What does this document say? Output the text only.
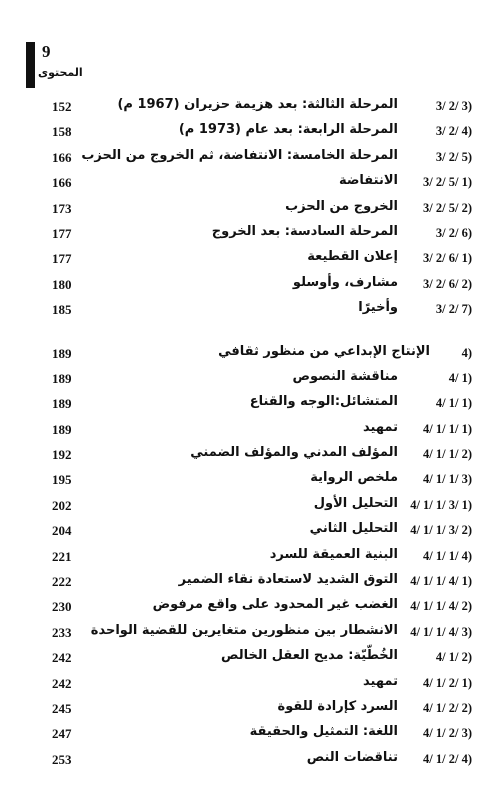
9
المحتوى
152	المرحلة الثالثة: بعد هزيمة حزيران (1967 م)	3/ 2/ 3)
158	المرحلة الرابعة: بعد عام (1973 م)	3/ 2/ 4)
166 المرحلة الخامسة: الانتفاضة، ثم الخروج من الحزب	3/ 2/ 5)
166	الانتفاضة	3/ 2/ 5/ 1)
173	الخروج من الحزب	3/ 2/ 5/ 2)
177	المرحلة السادسة: بعد الخروج	3/ 2/ 6)
177	إعلان القطيعة	3/ 2/ 6/ 1)
180	مشارف، وأوسلو	3/ 2/ 6/ 2)
185	وأخيرًا	3/ 2/ 7)
189	الإنتاج الإبداعي من منظور ثقافي	4)
189	مناقشة النصوص	4/ 1)
189	المتشائل:الوجه والقناع	4/ 1/ 1)
189	تمهيد	4/ 1/ 1/ 1)
192	المؤلف المدني والمؤلف الضمني	4/ 1/ 1/ 2)
195	ملخص الرواية	4/ 1/ 1/ 3)
202	التحليل الأول 4/ 1/ 1/ 3/ 1)
204	التحليل الثاني 4/ 1/ 1/ 3/ 2)
221	البنية العميقة للسرد	4/ 1/ 1/ 4)
222	التوق الشديد لاستعادة نقاء الضمير 4/ 1/ 1/ 4/ 1)
230	الغضب غير المحدود على واقع مرفوض 4/ 1/ 1/ 4/ 2)
233 الانشطار بين منظورين متغايرين للقضية الواحدة 4/ 1/ 1/ 4/ 3)
242	الخُطّيّة: مديح العقل الخالص	4/ 1/ 2)
242	تمهيد	4/ 1/ 2/ 1)
245	السرد كإرادة للقوة	4/ 1/ 2/ 2)
247	اللغة: التمثيل والحقيقة	4/ 1/ 2/ 3)
253	تناقضات النص	4/ 1/ 2/ 4)
